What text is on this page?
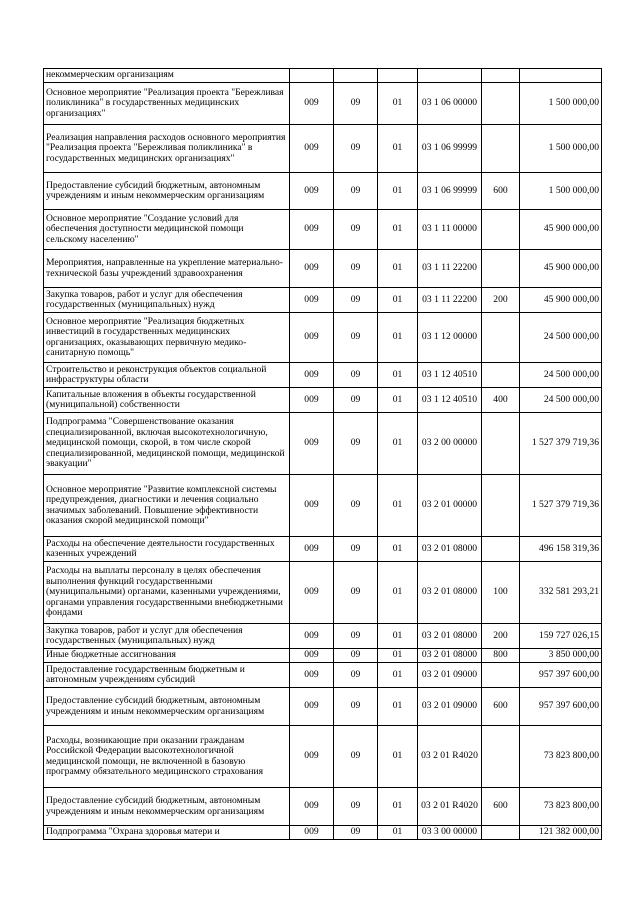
некоммерческим организациям						
Основное мероприятие "Реализация проекта "Бережливая поликлиника" в государственных медицинских организациях"	009	09	01	03 1 06 00000		1 500 000,00
Реализация направления расходов основного мероприятия "Реализация проекта "Бережливая поликлиника" в государственных медицинских организациях"	009	09	01	03 1 06 99999		1 500 000,00
Предоставление субсидий бюджетным, автономным учреждениям и иным некоммерческим организациям	009	09	01	03 1 06 99999	600	1 500 000,00
Основное мероприятие "Создание условий для обеспечения доступности медицинской помощи сельскому населению"	009	09	01	03 1 11 00000		45 900 000,00
Мероприятия, направленные на укрепление материально-технической базы учреждений здравоохранения	009	09	01	03 1 11 22200		45 900 000,00
Закупка товаров, работ и услуг для обеспечения государственных (муниципальных) нужд	009	09	01	03 1 11 22200	200	45 900 000,00
Основное мероприятие "Реализация бюджетных инвестиций в государственных медицинских организациях, оказывающих первичную медико-санитарную помощь"	009	09	01	03 1 12 00000		24 500 000,00
Строительство и реконструкция объектов социальной инфраструктуры области	009	09	01	03 1 12 40510		24 500 000,00
Капитальные вложения в объекты государственной (муниципальной) собственности	009	09	01	03 1 12 40510	400	24 500 000,00
Подпрограмма "Совершенствование оказания специализированной, включая высокотехнологичную, медицинской помощи, скорой, в том числе скорой специализированной, медицинской помощи, медицинской эвакуации"	009	09	01	03 2 00 00000		1 527 379 719,36
Основное мероприятие "Развитие комплексной системы предупреждения, диагностики и лечения социально значимых заболеваний. Повышение эффективности оказания скорой медицинской помощи"	009	09	01	03 2 01 00000		1 527 379 719,36
Расходы на обеспечение деятельности государственных казенных учреждений	009	09	01	03 2 01 08000		496 158 319,36
Расходы на выплаты персоналу в целях обеспечения выполнения функций государственными (муниципальными) органами, казенными учреждениями, органами управления государственными внебюджетными фондами	009	09	01	03 2 01 08000	100	332 581 293,21
Закупка товаров, работ и услуг для обеспечения государственных (муниципальных) нужд	009	09	01	03 2 01 08000	200	159 727 026,15
Иные бюджетные ассигнования	009	09	01	03 2 01 08000	800	3 850 000,00
Предоставление государственным бюджетным и автономным учреждениям субсидий	009	09	01	03 2 01 09000		957 397 600,00
Предоставление субсидий бюджетным, автономным учреждениям и иным некоммерческим организациям	009	09	01	03 2 01 09000	600	957 397 600,00
Расходы, возникающие при оказании гражданам Российской Федерации высокотехнологичной медицинской помощи, не включенной в базовую программу обязательного медицинского страхования	009	09	01	03 2 01 R4020		73 823 800,00
Предоставление субсидий бюджетным, автономным учреждениям и иным некоммерческим организациям	009	09	01	03 2 01 R4020	600	73 823 800,00
Подпрограмма "Охрана здоровья матери и	009	09	01	03 3 00 00000		121 382 000,00
